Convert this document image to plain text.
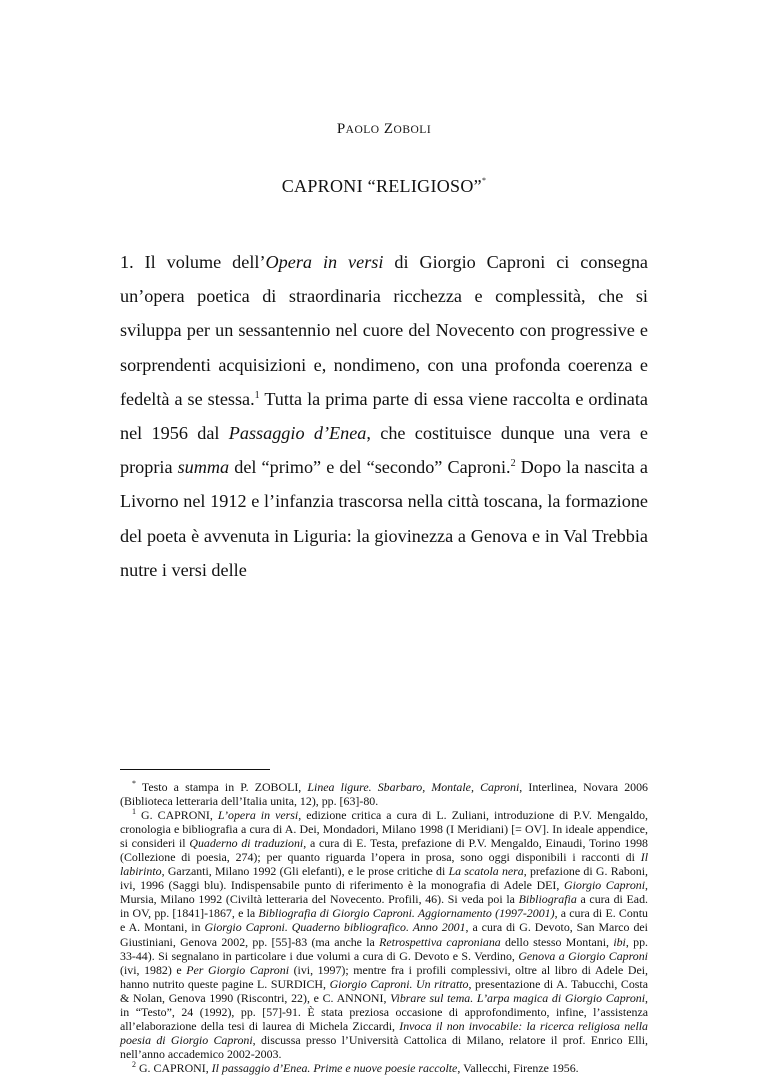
PAOLO ZOBOLI
CAPRONI “RELIGIOSO”*

1. Il volume dell’Opera in versi di Giorgio Caproni ci consegna un’opera poetica di straordinaria ricchezza e complessità, che si sviluppa per un sessantennio nel cuore del Novecento con progressive e sorprendenti acquisizioni e, nondimeno, con una profonda coerenza e fedeltà a se stessa.$^1$ Tutta la prima parte di essa viene raccolta e ordinata nel 1956 dal Passaggio d’Enea, che costituisce dunque una vera e propria summa del “primo” e del “secondo” Caproni.$^2$ Dopo la nascita a Livorno nel 1912 e l’infanzia trascorsa nella città toscana, la formazione del poeta è avvenuta in Liguria: la giovinezza a Genova e in Val Trebbia nutre i versi delle

* Testo a stampa in P. ZOBOLI, Linea ligure. Sbarbaro, Montale, Caproni, Interlinea, Novara 2006 (Biblioteca letteraria dell’Italia unita, 12), pp. [63]-80.

$^1$ G. CAPRONI, L’opera in versi, edizione critica a cura di L. Zuliani, introduzione di P.V. Mengaldo, cronologia e bibliografia a cura di A. Dei, Mondadori, Milano 1998 (I Meridiani) [= OV]. In ideale appendice, si consideri il Quaderno di traduzioni, a cura di E. Testa, prefazione di P.V. Mengaldo, Einaudi, Torino 1998 (Collezione di poesia, 274); per quanto riguarda l’opera in prosa, sono oggi disponibili i racconti di Il labirinto, Garzanti, Milano 1992 (Gli elefanti), e le prose critiche di La scatola nera, prefazione di G. Raboni, ivi, 1996 (Saggi blu). Indispensabile punto di riferimento è la monografia di Adele DEI, Giorgio Caproni, Mursia, Milano 1992 (Civiltà letteraria del Novecento. Profili, 46). Si veda poi la Bibliografia a cura di Ead. in OV, pp. [1841]-1867, e la Bibliografia di Giorgio Caproni. Aggiornamento (1997-2001), a cura di E. Contu e A. Montani, in Giorgio Caproni. Quaderno bibliografico. Anno 2001, a cura di G. Devoto, San Marco dei Giustiniani, Genova 2002, pp. [55]-83 (ma anche la Retrospettiva caproniana dello stesso Montani, ibi, pp. 33-44). Si segnalano in particolare i due volumi a cura di G. Devoto e S. Verdino, Genova a Giorgio Caproni (ivi, 1982) e Per Giorgio Caproni (ivi, 1997); mentre fra i profili complessivi, oltre al libro di Adele Dei, hanno nutrito queste pagine L. SURDICH, Giorgio Caproni. Un ritratto, presentazione di A. Tabucchi, Costa & Nolan, Genova 1990 (Riscontri, 22), e C. ANNONI, Vibrare sul tema. L’arpa magica di Giorgio Caproni, in “Testo”, 24 (1992), pp. [57]-91. È stata preziosa occasione di approfondimento, infine, l’assistenza all’elaborazione della tesi di laurea di Michela Ziccardi, Invoca il non invocabile: la ricerca religiosa nella poesia di Giorgio Caproni, discussa presso l’Università Cattolica di Milano, relatore il prof. Enrico Elli, nell’anno accademico 2002-2003.

$^2$ G. CAPRONI, Il passaggio d’Enea. Prime e nuove poesie raccolte, Vallecchi, Firenze 1956.
